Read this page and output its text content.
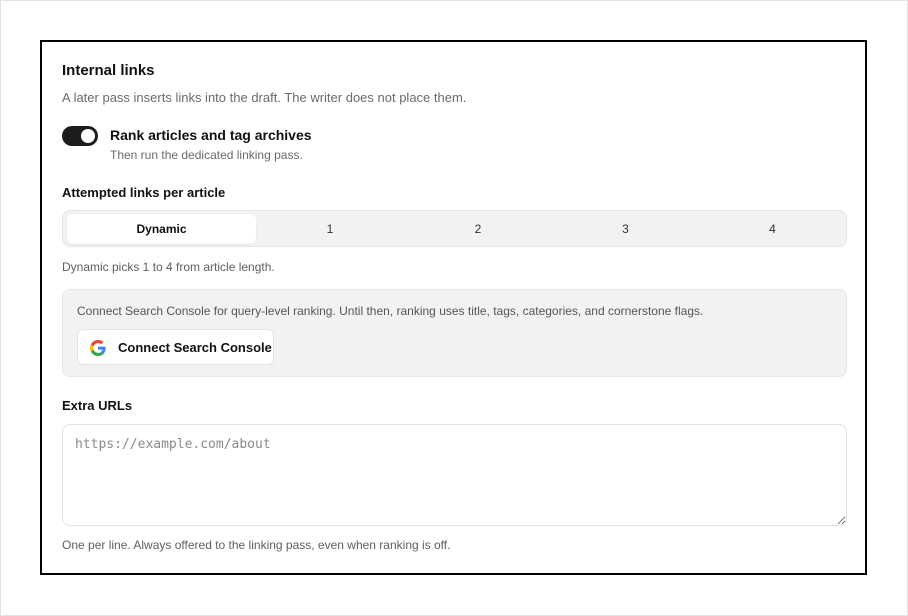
Internal links
A later pass inserts links into the draft. The writer does not place them.
Rank articles and tag archives
Then run the dedicated linking pass.
Attempted links per article
Dynamic	1	2	3	4
Dynamic picks 1 to 4 from article length.
Connect Search Console for query-level ranking. Until then, ranking uses title, tags, categories, and cornerstone flags.
Connect Search Console
Extra URLs
https://example.com/about
One per line. Always offered to the linking pass, even when ranking is off.
